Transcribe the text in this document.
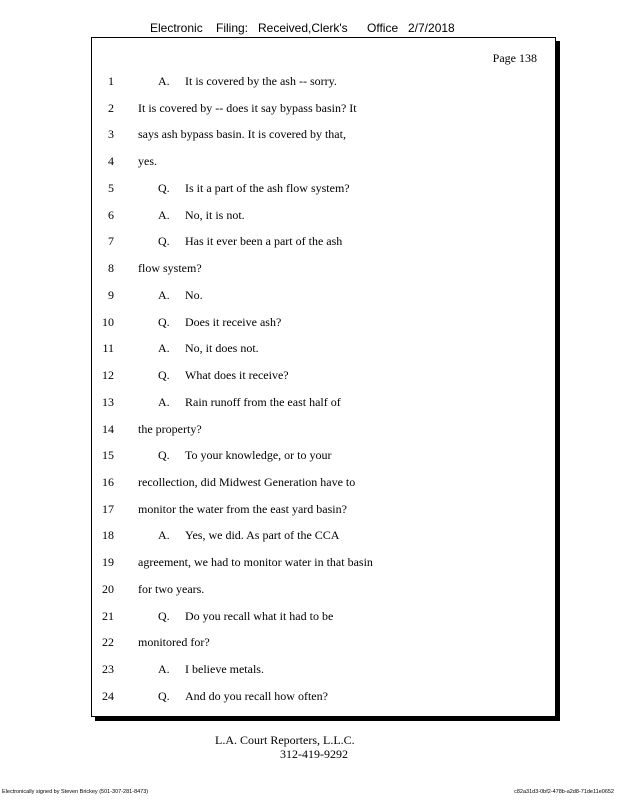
Electronic Filing: Received,Clerk's Office 2/7/2018
Page 138
1	A. It is covered by the ash -- sorry.
2 It is covered by -- does it say bypass basin? It
3 says ash bypass basin. It is covered by that,
4 yes.
5	Q. Is it a part of the ash flow system?
6	A. No, it is not.
7	Q. Has it ever been a part of the ash
8 flow system?
9	A. No.
10	Q. Does it receive ash?
11	A. No, it does not.
12	Q. What does it receive?
13	A. Rain runoff from the east half of
14 the property?
15	Q. To your knowledge, or to your
16 recollection, did Midwest Generation have to
17 monitor the water from the east yard basin?
18	A. Yes, we did. As part of the CCA
19 agreement, we had to monitor water in that basin
20 for two years.
21	Q. Do you recall what it had to be
22 monitored for?
23	A. I believe metals.
24	Q. And do you recall how often?
L.A. Court Reporters, L.L.C.
312-419-9292
Electronically signed by Steven Brickey (501-307-281-8473)	c82a31d3-0bf2-478b-a2d8-71de11e0652
